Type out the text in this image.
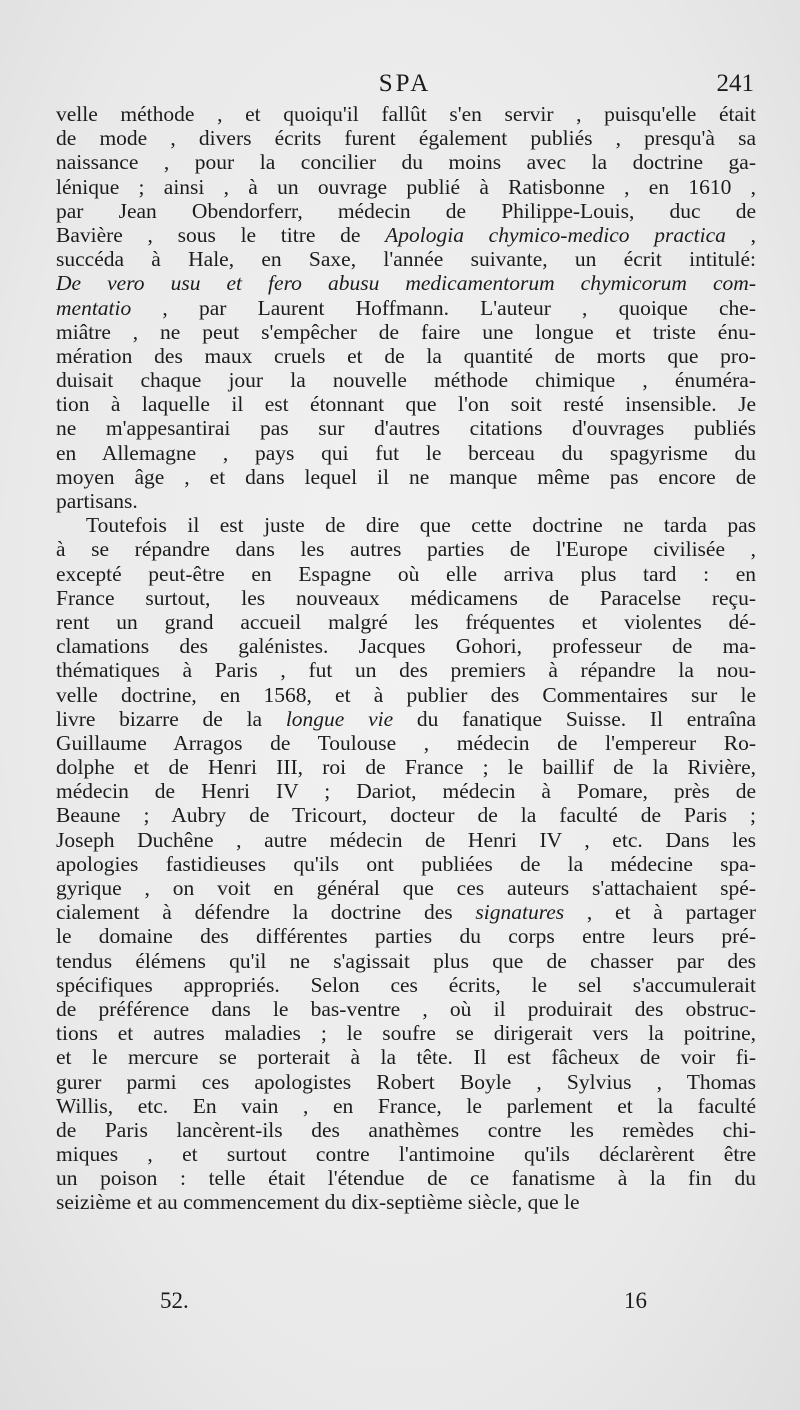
SPA	241
velle méthode , et quoiqu'il fallût s'en servir , puisqu'elle était
de mode , divers écrits furent également publiés , presqu'à sa
naissance , pour la concilier du moins avec la doctrine ga-
lénique ; ainsi , à un ouvrage publié à Ratisbonne , en 1610 ,
par Jean Obendorferr, médecin de Philippe-Louis, duc de
Bavière , sous le titre de Apologia chymico-medico practica ,
succéda à Hale, en Saxe, l'année suivante, un écrit intitulé:
De vero usu et fero abusu medicamentorum chymicorum com-
mentatio , par Laurent Hoffmann. L'auteur , quoique che-
miâtre , ne peut s'empêcher de faire une longue et triste énu-
mération des maux cruels et de la quantité de morts que pro-
duisait chaque jour la nouvelle méthode chimique , énuméra-
tion à laquelle il est étonnant que l'on soit resté insensible. Je
ne m'appesantirai pas sur d'autres citations d'ouvrages publiés
en Allemagne , pays qui fut le berceau du spagyrisme du
moyen âge , et dans lequel il ne manque même pas encore de
partisans.
Toutefois il est juste de dire que cette doctrine ne tarda pas
à se répandre dans les autres parties de l'Europe civilisée ,
excepté peut-être en Espagne où elle arriva plus tard : en
France surtout, les nouveaux médicamens de Paracelse reçu-
rent un grand accueil malgré les fréquentes et violentes dé-
clamations des galénistes. Jacques Gohori, professeur de ma-
thématiques à Paris , fut un des premiers à répandre la nou-
velle doctrine, en 1568, et à publier des Commentaires sur le
livre bizarre de la longue vie du fanatique Suisse. Il entraîna
Guillaume Arragos de Toulouse , médecin de l'empereur Ro-
dolphe et de Henri III, roi de France ; le baillif de la Rivière,
médecin de Henri IV ; Dariot, médecin à Pomare, près de
Beaune ; Aubry de Tricourt, docteur de la faculté de Paris ;
Joseph Duchêne , autre médecin de Henri IV , etc. Dans les
apologies fastidieuses qu'ils ont publiées de la médecine spa-
gyrique , on voit en général que ces auteurs s'attachaient spé-
cialement à défendre la doctrine des signatures , et à partager
le domaine des différentes parties du corps entre leurs pré-
tendus élémens qu'il ne s'agissait plus que de chasser par des
spécifiques appropriés. Selon ces écrits, le sel s'accumulerait
de préférence dans le bas-ventre , où il produirait des obstruc-
tions et autres maladies ; le soufre se dirigerait vers la poitrine,
et le mercure se porterait à la tête. Il est fâcheux de voir fi-
gurer parmi ces apologistes Robert Boyle , Sylvius , Thomas
Willis, etc. En vain , en France, le parlement et la faculté
de Paris lancèrent-ils des anathèmes contre les remèdes chi-
miques , et surtout contre l'antimoine qu'ils déclarèrent être
un poison : telle était l'étendue de ce fanatisme à la fin du
seizième et au commencement du dix-septième siècle, que le
52.	16
